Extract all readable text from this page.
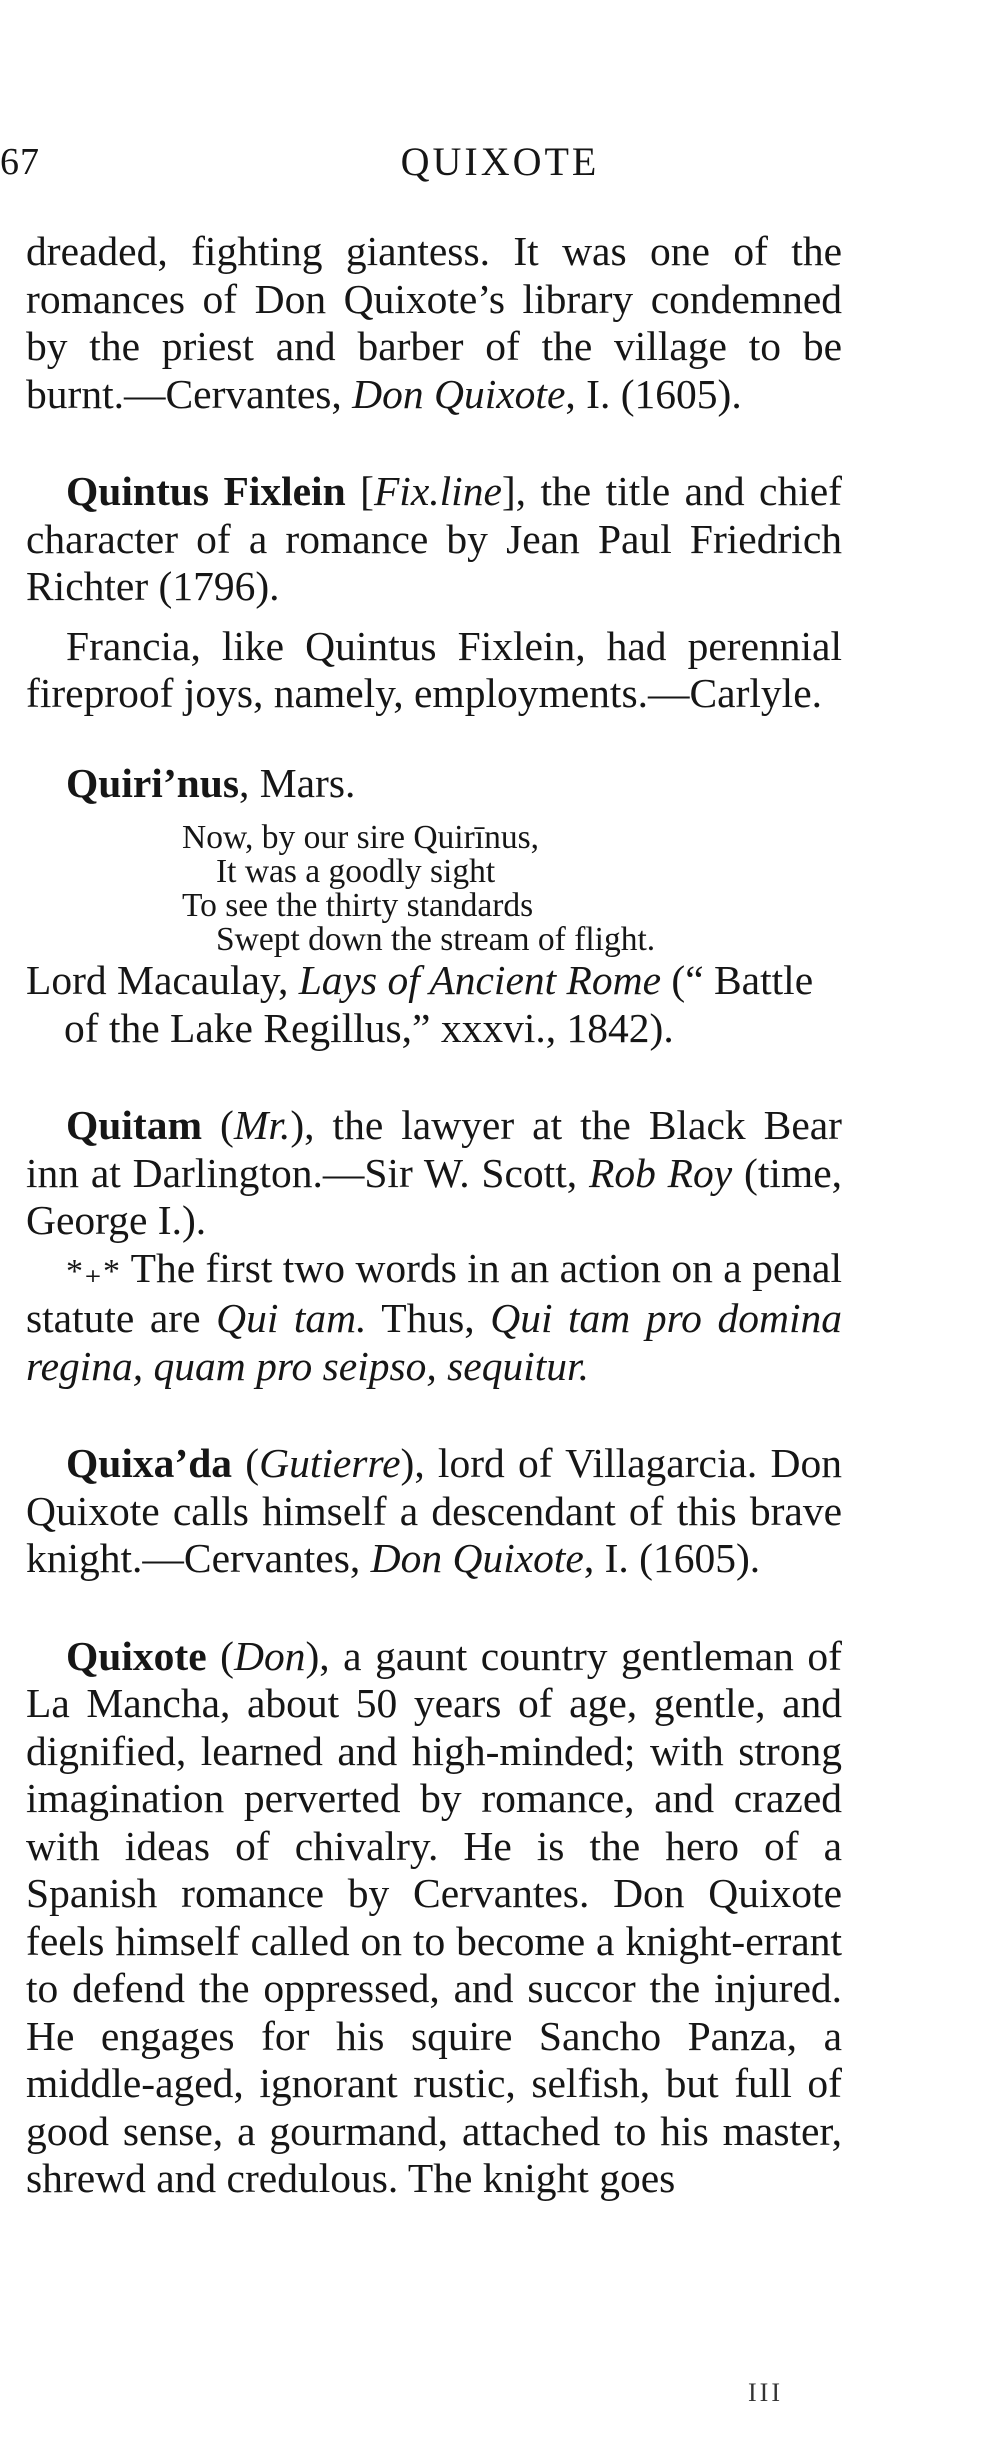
67	QUIXOTE

dreaded, fighting giantess. It was one of the romances of Don Quixote’s library condemned by the priest and barber of the village to be burnt.—Cervantes, Don Quixote, I. (1605).

Quintus Fixlein [Fix.line], the title and chief character of a romance by Jean Paul Friedrich Richter (1796).

Francia, like Quintus Fixlein, had perennial fireproof joys, namely, employments.—Carlyle.

Quiri’nus, Mars.

Now, by our sire Quirīnus,
It was a goodly sight
To see the thirty standards
Swept down the stream of flight.

Lord Macaulay, Lays of Ancient Rome (“ Battle
of the Lake Regillus,” xxxvi., 1842).

Quitam (Mr.), the lawyer at the Black Bear inn at Darlington.—Sir W. Scott, Rob Roy (time, George I.).

*₊* The first two words in an action on a penal statute are Qui tam. Thus, Qui tam pro domina regina, quam pro seipso, sequitur.

Quixa’da (Gutierre), lord of Villagarcia. Don Quixote calls himself a descendant of this brave knight.—Cervantes, Don Quixote, I. (1605).

Quixote (Don), a gaunt country gentleman of La Mancha, about 50 years of age, gentle, and dignified, learned and high-minded; with strong imagination perverted by romance, and crazed with ideas of chivalry. He is the hero of a Spanish romance by Cervantes. Don Quixote feels himself called on to become a knight-errant to defend the oppressed, and succor the injured. He engages for his squire Sancho Panza, a middle-aged, ignorant rustic, selfish, but full of good sense, a gourmand, attached to his master, shrewd and credulous. The knight goes

III
